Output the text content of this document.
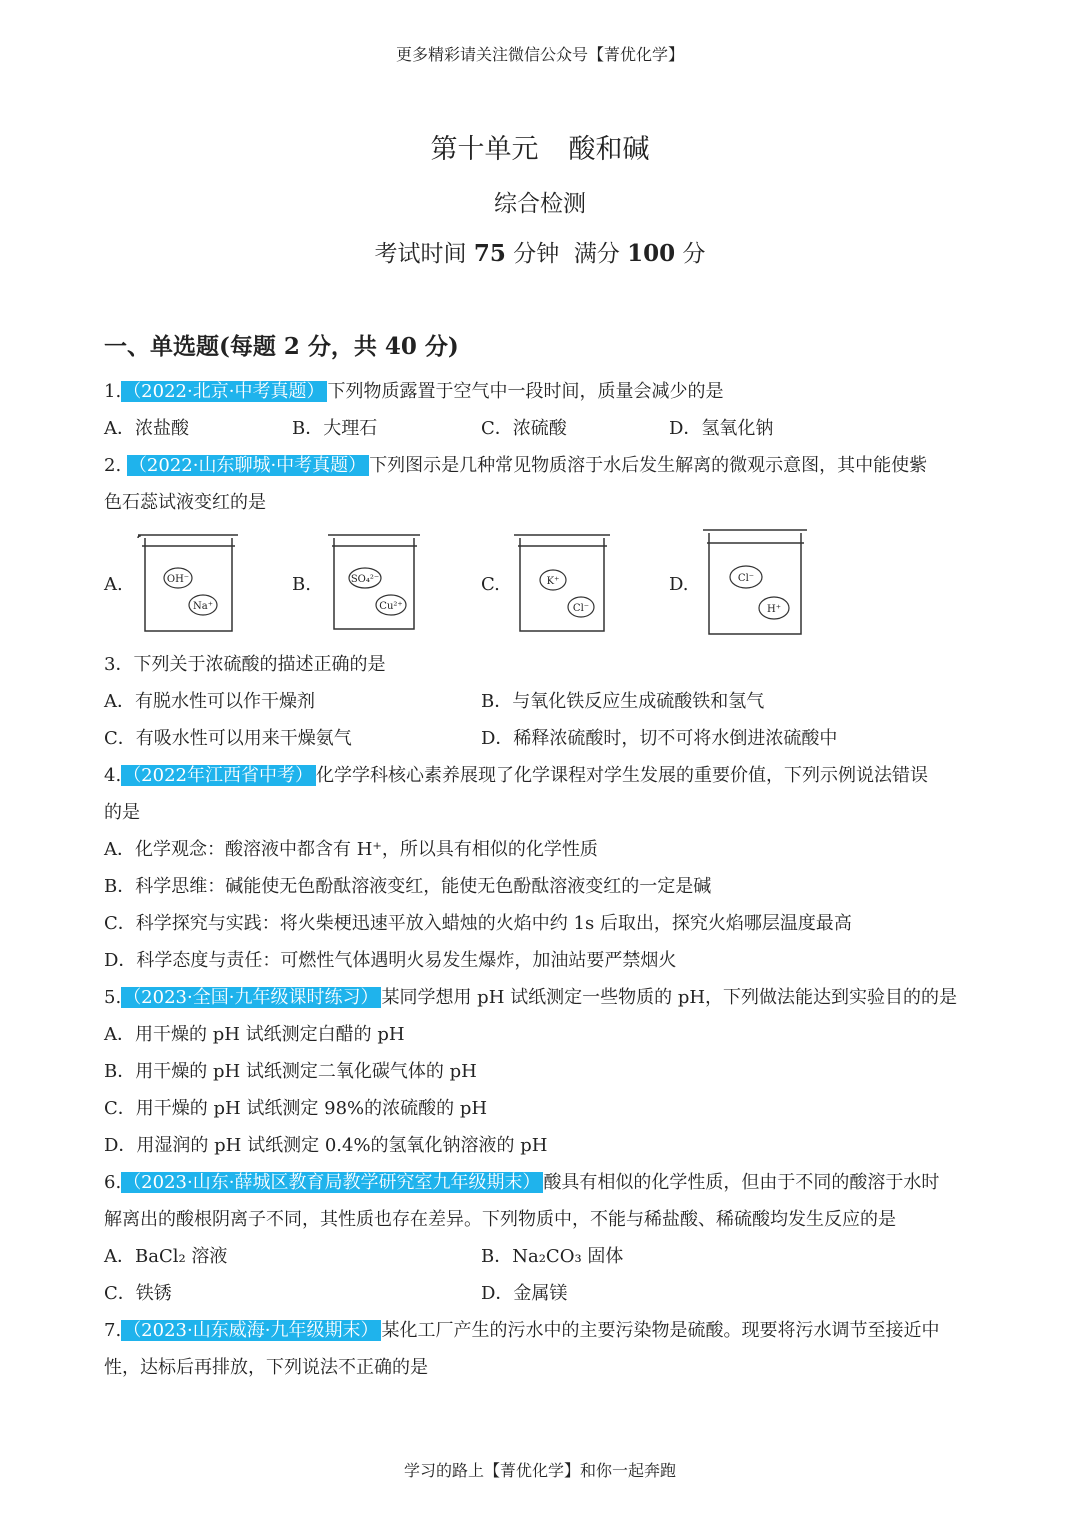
更多精彩请关注微信公众号【菁优化学】
第十单元 酸和碱
综合检测
考试时间 75 分钟 满分 100 分
一、单选题(每题 2 分，共 40 分)
1. （2022·北京·中考真题） 下列物质露置于空气中一段时间，质量会减少的是
A．浓盐酸	B．大理石	C．浓硫酸	D．氢氧化钠
2. （2022·山东聊城·中考真题） 下列图示是几种常见物质溶于水后发生解离的微观示意图，其中能使紫
色石蕊试液变红的是
A.	OH⁻
Na⁺
B.	SO₄²⁻
Cu²⁺
C.	K⁺
Cl⁻
D.	Cl⁻
H⁺
3．下列关于浓硫酸的描述正确的是
A．有脱水性可以作干燥剂	B．与氧化铁反应生成硫酸铁和氢气
C．有吸水性可以用来干燥氨气	D．稀释浓硫酸时，切不可将水倒进浓硫酸中
4. （2022年江西省中考） 化学学科核心素养展现了化学课程对学生发展的重要价值，下列示例说法错误
的是
A．化学观念：酸溶液中都含有 H⁺，所以具有相似的化学性质
B．科学思维：碱能使无色酚酞溶液变红，能使无色酚酞溶液变红的一定是碱
C．科学探究与实践：将火柴梗迅速平放入蜡烛的火焰中约 1s 后取出，探究火焰哪层温度最高
D．科学态度与责任：可燃性气体遇明火易发生爆炸，加油站要严禁烟火
5. （2023·全国·九年级课时练习） 某同学想用 pH 试纸测定一些物质的 pH，下列做法能达到实验目的的是
A．用干燥的 pH 试纸测定白醋的 pH
B．用干燥的 pH 试纸测定二氧化碳气体的 pH
C．用干燥的 pH 试纸测定 98%的浓硫酸的 pH
D．用湿润的 pH 试纸测定 0.4%的氢氧化钠溶液的 pH
6. （2023·山东·薛城区教育局教学研究室九年级期末） 酸具有相似的化学性质，但由于不同的酸溶于水时
解离出的酸根阴离子不同，其性质也存在差异。下列物质中，不能与稀盐酸、稀硫酸均发生反应的是
A．BaCl₂ 溶液	B．Na₂CO₃ 固体
C．铁锈	D．金属镁
7. （2023·山东威海·九年级期末） 某化工厂产生的污水中的主要污染物是硫酸。现要将污水调节至接近中
性，达标后再排放，下列说法不正确的是
学习的路上【菁优化学】和你一起奔跑
